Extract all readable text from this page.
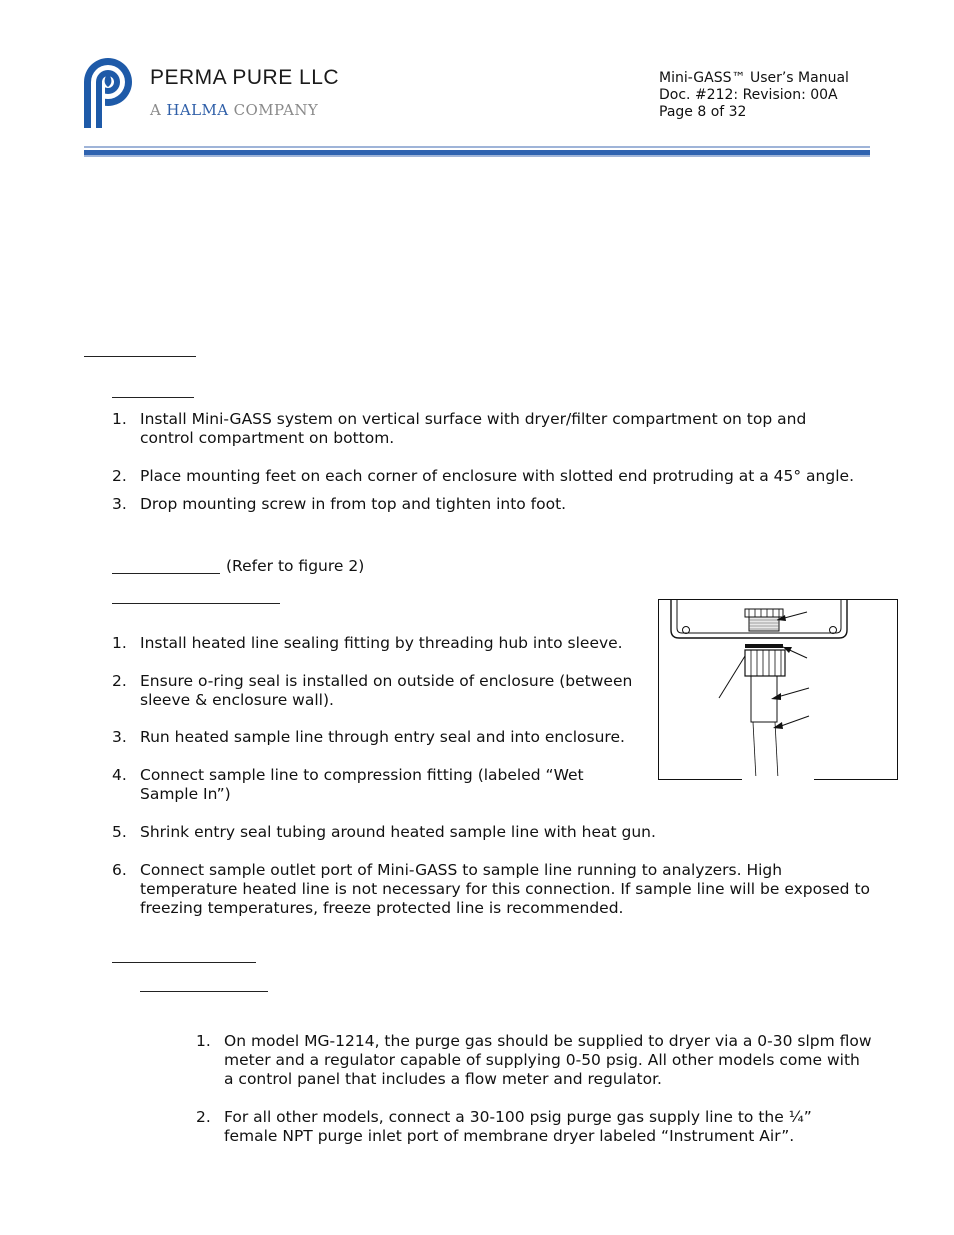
PERMA PURE LLC
A HALMA COMPANY
Mini-GASS™ User’s Manual
Doc. #212: Revision: 00A
Page 8 of 32
1. Install Mini-GASS system on vertical surface with dryer/filter compartment on top and control compartment on bottom.
2. Place mounting feet on each corner of enclosure with slotted end protruding at a 45° angle.
3. Drop mounting screw in from top and tighten into foot.
(Refer to figure 2)
1. Install heated line sealing fitting by threading hub into sleeve.
2. Ensure o-ring seal is installed on outside of enclosure (between sleeve & enclosure wall).
3. Run heated sample line through entry seal and into enclosure.
4. Connect sample line to compression fitting (labeled “Wet Sample In”)
5. Shrink entry seal tubing around heated sample line with heat gun.
6. Connect sample outlet port of Mini-GASS to sample line running to analyzers. High temperature heated line is not necessary for this connection. If sample line will be exposed to freezing temperatures, freeze protected line is recommended.
1. On model MG-1214, the purge gas should be supplied to dryer via a 0-30 slpm flow meter and a regulator capable of supplying 0-50 psig. All other models come with a control panel that includes a flow meter and regulator.
2. For all other models, connect a 30-100 psig purge gas supply line to the ¼” female NPT purge inlet port of membrane dryer labeled “Instrument Air”.
